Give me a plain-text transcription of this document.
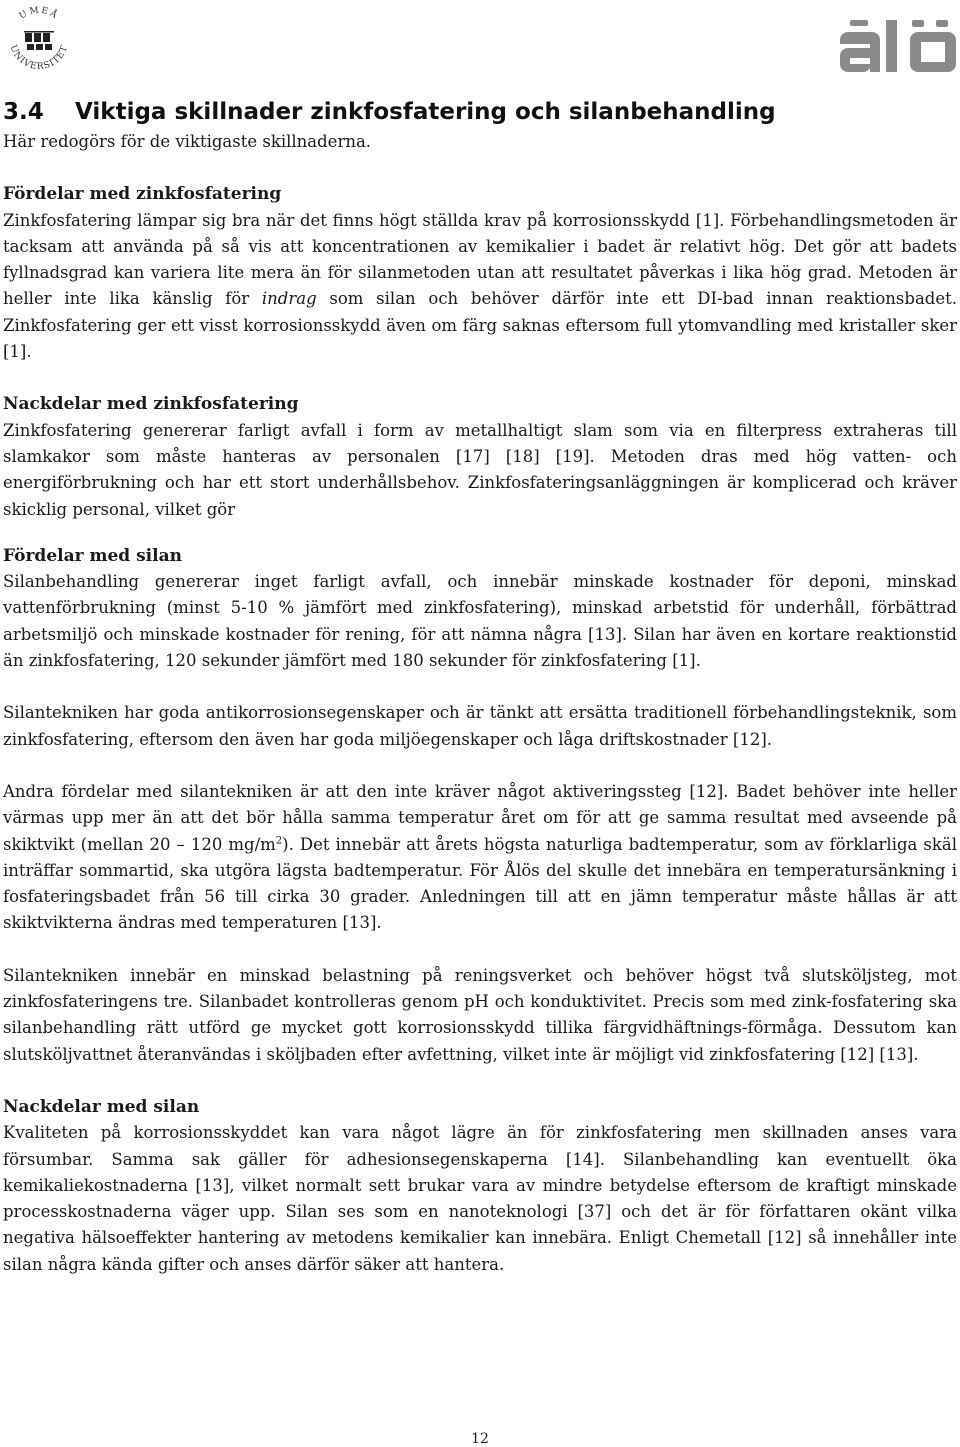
UMEÅ
UNIVERSITET
3.4 Viktiga skillnader zinkfosfatering och silanbehandling

Här redogörs för de viktigaste skillnaderna.

Fördelar med zinkfosfatering

Zinkfosfatering lämpar sig bra när det finns högt ställda krav på korrosionsskydd [1]. Förbehandlingsmetoden är tacksam att använda på så vis att koncentrationen av kemikalier i badet är relativt hög. Det gör att badets fyllnadsgrad kan variera lite mera än för silanmetoden utan att resultatet påverkas i lika hög grad. Metoden är heller inte lika känslig för indrag som silan och behöver därför inte ett DI-bad innan reaktionsbadet. Zinkfosfatering ger ett visst korrosionsskydd även om färg saknas eftersom full ytomvandling med kristaller sker [1].

Nackdelar med zinkfosfatering

Zinkfosfatering genererar farligt avfall i form av metallhaltigt slam som via en filterpress extraheras till slamkakor som måste hanteras av personalen [17] [18] [19]. Metoden dras med hög vatten- och energiförbrukning och har ett stort underhållsbehov. Zinkfosfateringsanläggningen är komplicerad och kräver skicklig personal, vilket gör

Fördelar med silan

Silanbehandling genererar inget farligt avfall, och innebär minskade kostnader för deponi, minskad vattenförbrukning (minst 5-10 % jämfört med zinkfosfatering), minskad arbetstid för underhåll, förbättrad arbetsmiljö och minskade kostnader för rening, för att nämna några [13]. Silan har även en kortare reaktionstid än zinkfosfatering, 120 sekunder jämfört med 180 sekunder för zinkfosfatering [1].

Silantekniken har goda antikorrosionsegenskaper och är tänkt att ersätta traditionell förbehandlingsteknik, som zinkfosfatering, eftersom den även har goda miljöegenskaper och låga driftskostnader [12].

Andra fördelar med silantekniken är att den inte kräver något aktiveringssteg [12]. Badet behöver inte heller värmas upp mer än att det bör hålla samma temperatur året om för att ge samma resultat med avseende på skiktvikt (mellan 20 – 120 $mg/m^2$). Det innebär att årets högsta naturliga badtemperatur, som av förklarliga skäl inträffar sommartid, ska utgöra lägsta badtemperatur. För Ålös del skulle det innebära en temperatursänkning i fosfateringsbadet från 56 till cirka 30 grader. Anledningen till att en jämn temperatur måste hållas är att skiktvikterna ändras med temperaturen [13].

Silantekniken innebär en minskad belastning på reningsverket och behöver högst två slutsköljsteg, mot zinkfosfateringens tre. Silanbadet kontrolleras genom pH och konduktivitet. Precis som med zink-fosfatering ska silanbehandling rätt utförd ge mycket gott korrosionsskydd tillika färgvidhäftnings-förmåga. Dessutom kan slutsköljvattnet återanvändas i sköljbaden efter avfettning, vilket inte är möjligt vid zinkfosfatering [12] [13].

Nackdelar med silan

Kvaliteten på korrosionsskyddet kan vara något lägre än för zinkfosfatering men skillnaden anses vara försumbar. Samma sak gäller för adhesionsegenskaperna [14]. Silanbehandling kan eventuellt öka kemikaliekostnaderna [13], vilket normalt sett brukar vara av mindre betydelse eftersom de kraftigt minskade processkostnaderna väger upp. Silan ses som en nanoteknologi [37] och det är för författaren okänt vilka negativa hälsoeffekter hantering av metodens kemikalier kan innebära. Enligt Chemetall [12] så innehåller inte silan några kända gifter och anses därför säker att hantera.

12
